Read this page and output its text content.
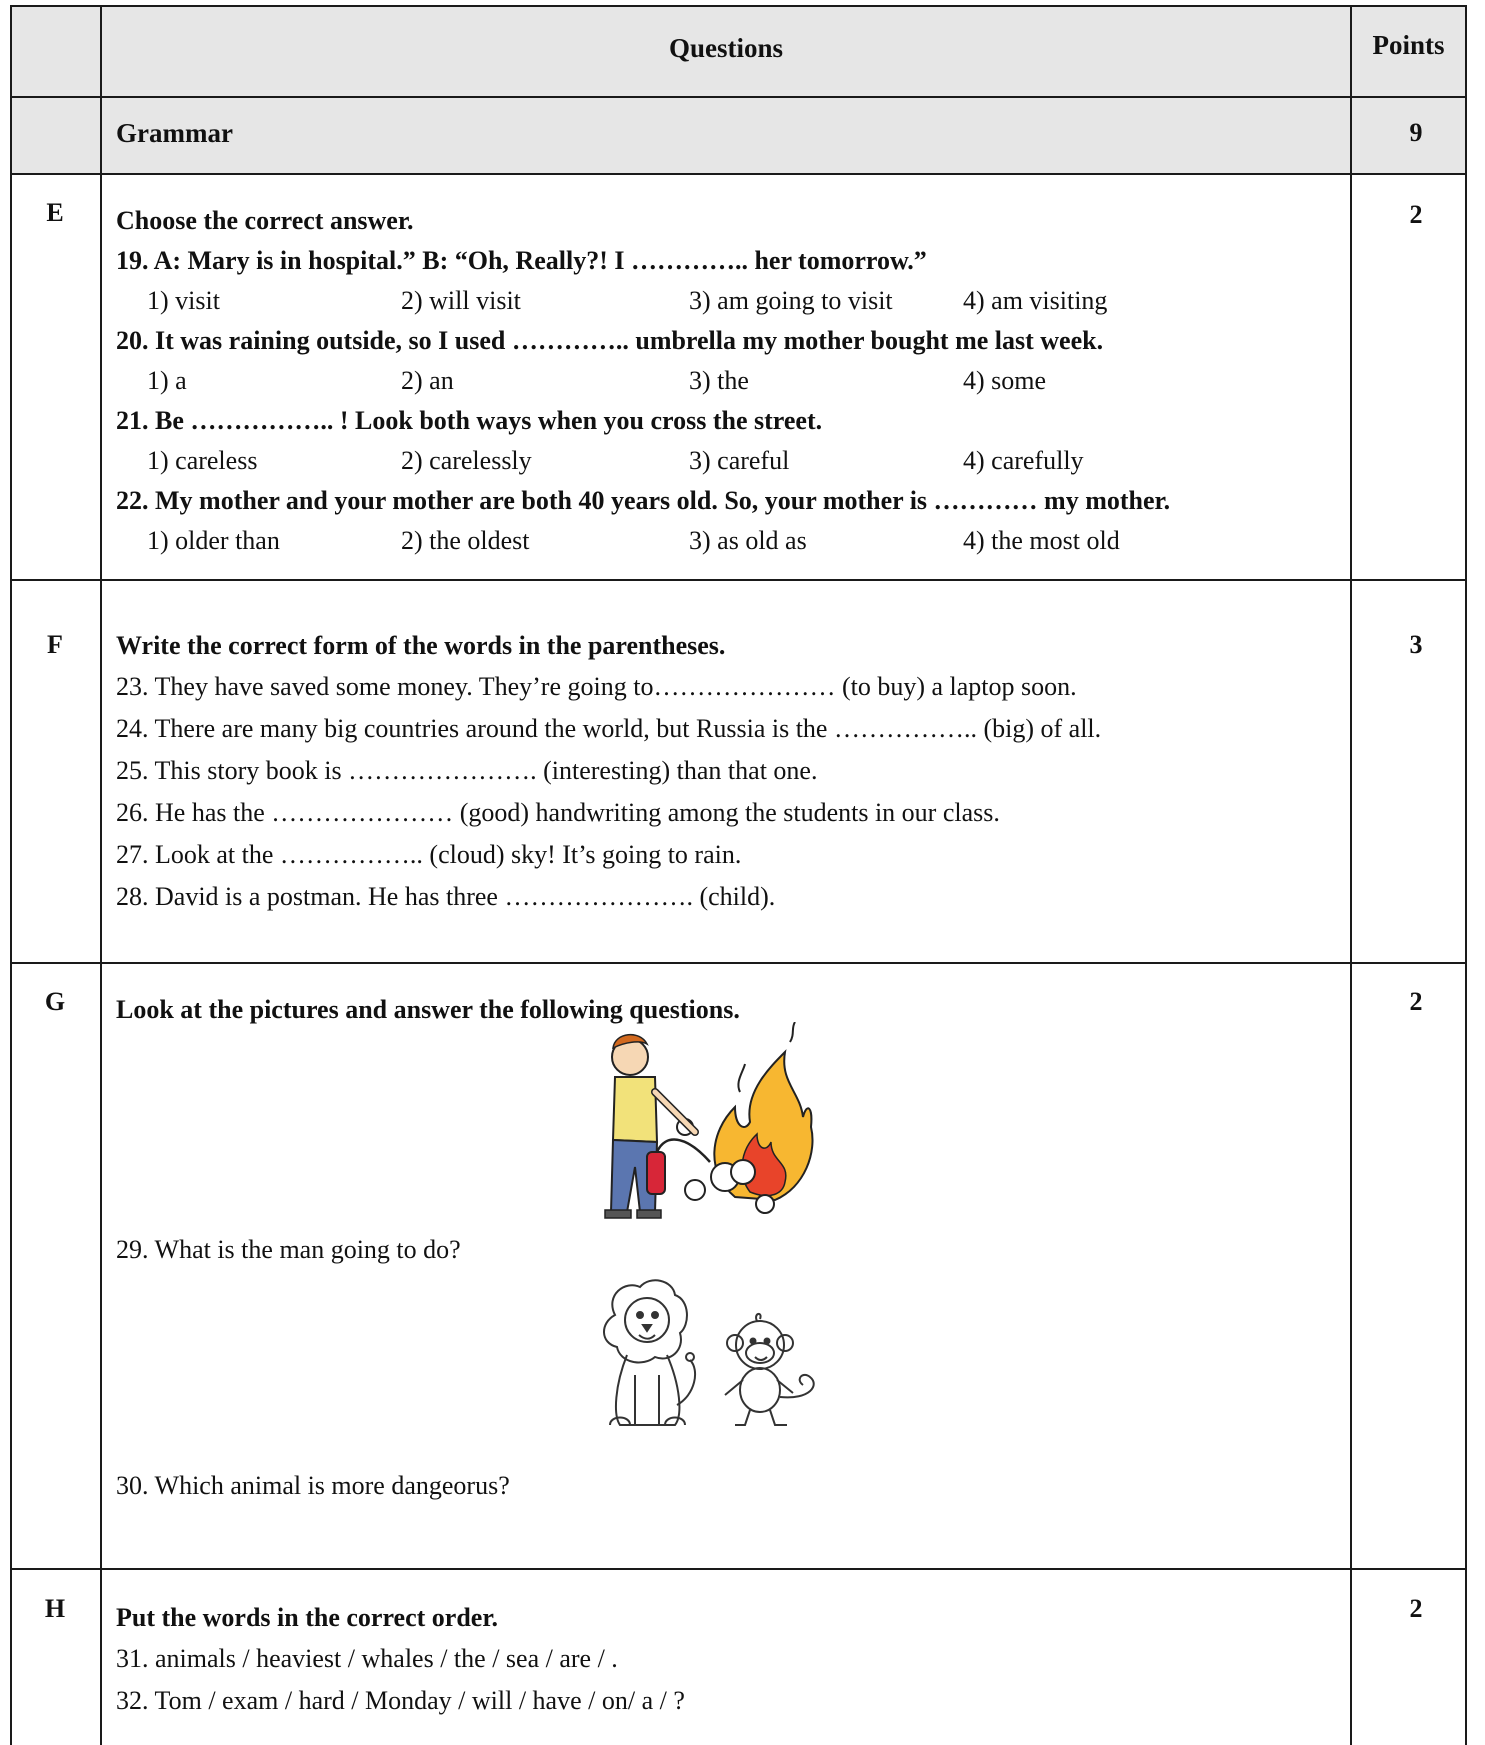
Questions	Points
Grammar	9
E	2
Choose the correct answer.
19. A: Mary is in hospital.” B: “Oh, Really?! I ………….. her tomorrow.”
1) visit	2) will visit	3) am going to visit	4) am visiting
20. It was raining outside, so I used ………….. umbrella my mother bought me last week.
1) a	2) an	3) the	4) some
21. Be …………….. ! Look both ways when you cross the street.
1) careless	2) carelessly	3) careful	4) carefully
22. My mother and your mother are both 40 years old. So, your mother is ………… my mother.
1) older than	2) the oldest	3) as old as	4) the most old
F	3
Write the correct form of the words in the parentheses.
23. They have saved some money. They’re going to………………… (to buy) a laptop soon.
24. There are many big countries around the world, but Russia is the …………….. (big) of all.
25. This story book is …………………. (interesting) than that one.
26. He has the ………………… (good) handwriting among the students in our class.
27. Look at the …………….. (cloud) sky! It’s going to rain.
28. David is a postman. He has three …………………. (child).
G	2
Look at the pictures and answer the following questions.
29. What is the man going to do?
30. Which animal is more dangeorus?
H	2
Put the words in the correct order.
31. animals / heaviest / whales / the / sea / are / .
32. Tom / exam / hard / Monday / will / have / on/ a / ?
